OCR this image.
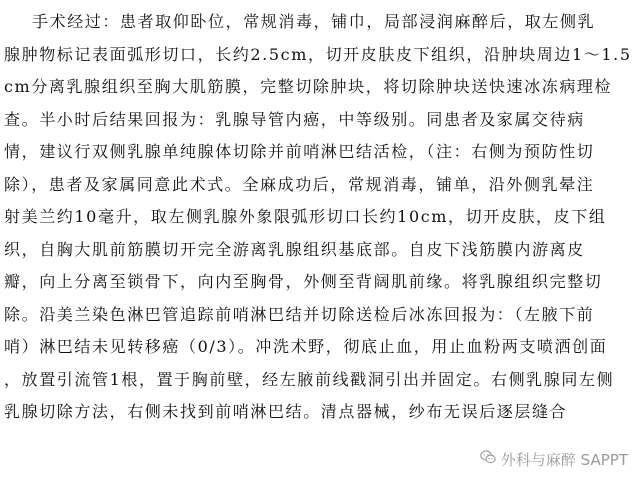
手术经过：患者取仰卧位，常规消毒，铺巾，局部浸润麻醉后，取左侧乳
腺肿物标记表面弧形切口，长约2.5cm，切开皮肤皮下组织，沿肿块周边1～1.5
cm分离乳腺组织至胸大肌筋膜，完整切除肿块，将切除肿块送快速冰冻病理检
查。半小时后结果回报为：乳腺导管内癌，中等级别。同患者及家属交待病
情，建议行双侧乳腺单纯腺体切除并前哨淋巴结活检，（注：右侧为预防性切
除），患者及家属同意此术式。全麻成功后，常规消毒，铺单，沿外侧乳晕注
射美兰约10毫升，取左侧乳腺外象限弧形切口长约10cm，切开皮肤，皮下组
织，自胸大肌前筋膜切开完全游离乳腺组织基底部。自皮下浅筋膜内游离皮
瓣，向上分离至锁骨下，向内至胸骨，外侧至背阔肌前缘。将乳腺组织完整切
除。沿美兰染色淋巴管追踪前哨淋巴结并切除送检后冰冻回报为：（左腋下前
哨）淋巴结未见转移癌（0/3）。冲洗术野，彻底止血，用止血粉两支喷洒创面
，放置引流管1根，置于胸前壁，经左腋前线戳洞引出并固定。右侧乳腺同左侧
乳腺切除方法，右侧未找到前哨淋巴结。清点器械，纱布无误后逐层缝合
外科与麻醉 SAPPT
